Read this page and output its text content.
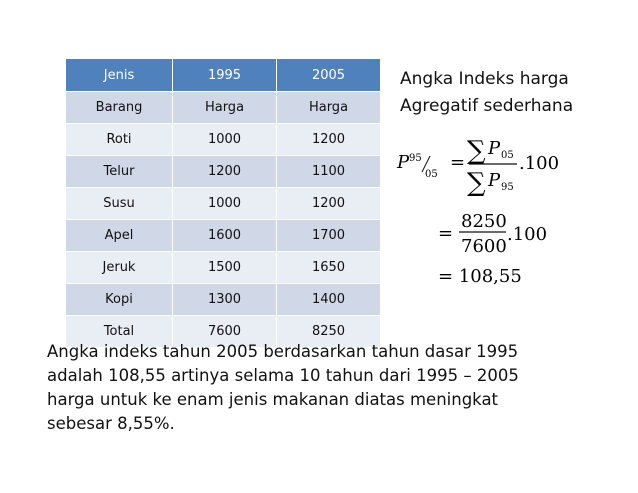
Jenis	1995	2005
Barang	Harga	Harga
Roti	1000	1200
Telur	1200	1100
Susu	1000	1200
Apel	1600	1700
Jeruk	1500	1650
Kopi	1300	1400
Total	7600	8250
Angka Indeks harga
Agregatif sederhana
P 95
05
= ∑ P 05
∑ P 95
.100
=
8250
7600
.100
= 108,55
Angka indeks tahun 2005 berdasarkan tahun dasar 1995
adalah 108,55 artinya selama 10 tahun dari 1995 – 2005
harga untuk ke enam jenis makanan diatas meningkat
sebesar 8,55%.
